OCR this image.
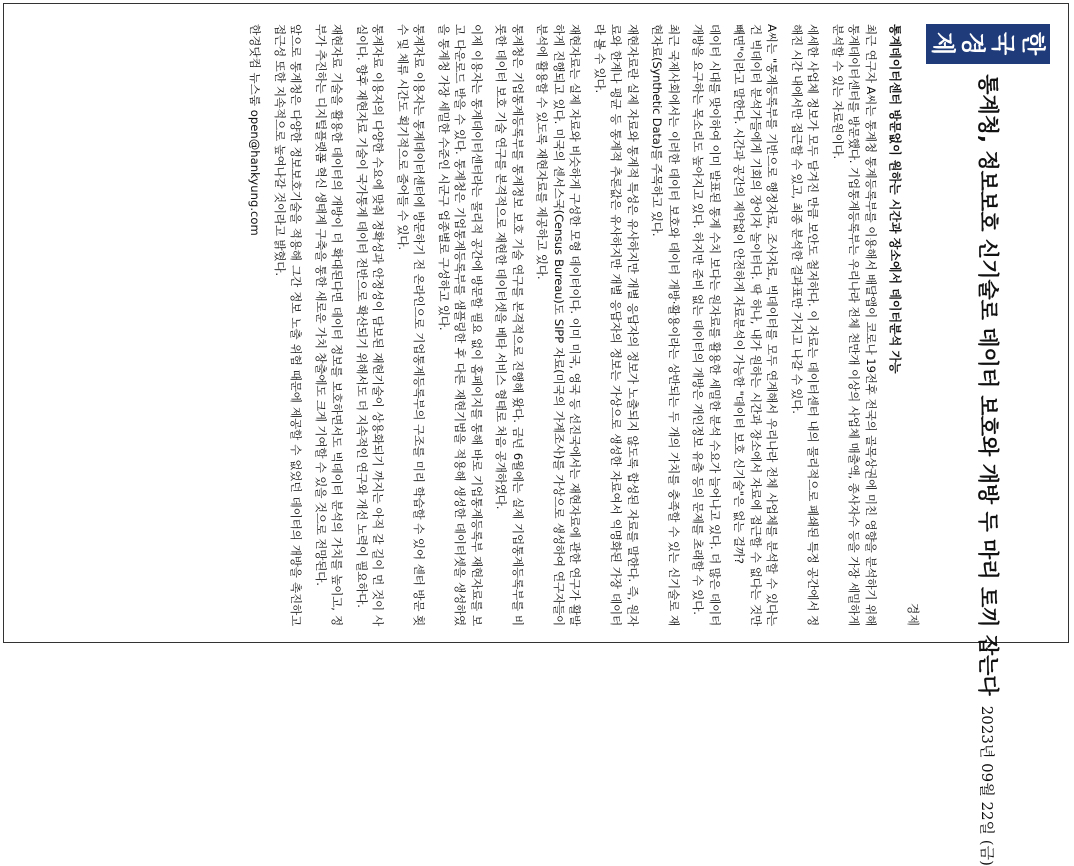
한국경제
통계청, 정보보호 신기술로 데이터 보호와 개방 두 마리 토끼 잡는다
2023년 09월 22일 (금)
경제
통계데이터센터 방문없이 원하는 시간과 장소에서 데이터분석 가능

최근 연구자 A씨는 통계청 통계등록부를 이용해서 배달앱이 코로나 19전후 전국의 골목상권에 미친 영향을 분석하기 위해 통계데이터센터를 방문했다. 기업통계등록부는 우리나라 전체 천만개 이상의 사업체 매출액, 종사자수 등을 가장 세밀하게 분석할 수 있는 자료원이다.

세세한 사업체 정보가 모두 담겨진 만큼 보안도 철저하다. 이 자료는 데이터센터 내의 물리적으로 폐쇄된 특정 공간에서 정해진 시간 내에서만 접근할 수 있고, 최종 분석한 결과표만 가지고 나갈 수 있다.

A씨는 "통계등록부를 기반으로 행정자료, 조사자료, 빅데이터를 모두 연계해서 우리나라 전체 사업체를 분석할 수 있다는 건 빅데이터 분석가들에게 기회의 장이자 놀이터다. 딱 하나, 내가 원하는 시간과 장소에서 자료에 접근할 수 없다는 것만 빼면"이라고 말한다. 시간과 공간의 제약없이 안전하게 자료분석이 가능한 "데이터 보호 신기술"은 없는 걸까?

데이터 시대를 맞이하여 이미 발표된 통계 수치 보다는 원자료를 활용한 세밀한 분석 수요가 늘어나고 있다. 더 많은 데이터 개방을 요구하는 목소리도 높아지고 있다. 하지만 준비 없는 데이터의 개방은 개인정보 유출 등의 문제를 초래할 수 있다.

최근 국제사회에서는 이러한 데이터 보호와 데이터 개방·활용이라는 상반되는 두 개의 가치를 충족할 수 있는 신기술로 재현자료(Synthetic Data)를 주목하고 있다.

재현자료란 실제 자료와 통계적 특성은 유사하지만 개별 응답자의 정보가 노출되지 않도록 합성된 자료를 말한다. 즉, 원자료와 한계나 평균 등 통계적 추론값은 유사하지만 개별 응답자의 정보는 가상으로 생성한 자료여서 익명화된 가장 데이터라 볼 수 있다.

재현자료는 실제 자료와 비슷하게 구성한 모형 데이터이다. 이미 미국, 영국 등 선진국에서는 재현자료에 관한 연구가 활발하게 진행되고 있다. 미국의 센서스국(Census Bureau)도 SIPP 자료(미국의 가계조사)를 가상으로 생성하여 연구자들이 분석에 활용할 수 있도록 재현자료를 제공하고 있다.

통계청은 기업통계등록부를 통계정보 보호 기술 연구를 본격적으로 진행해 왔다. 금년 6월에는 실제 기업통계등록부를 비롯한 데이터 보호 기술 연구를 본격적으로 재현한 데이터셋을 베타 서비스 형태로 처음 공개하였다.

이제 이용자는 통계데이터센터라는 물리적 공간에 방문할 필요 없이 홈페이지를 통해 바로 기업통계등록부 재현자료를 보고 다운로드 받을 수 있다. 통계청은 기업통계등록부를 샘플링한 후 다른 재현기법을 적용해 생성한 데이터셋을 생성하였을 통계청 가장 세밀한 수준인 시군구 업종별로 구성하고 있다.

통계자료 이용자는 통계데이터센터에 방문하기 전 온라인으로 기업통계등록부의 구조를 미리 학습할 수 있어 센터 방문 횟수 및 체류 시간도 획기적으로 줄어들 수 있다.

통계자료 이용자의 다양한 수요에 맞춰 정확성과 안정성이 담보된 재현기술이 상용화되기 까지는 아직 갈 길이 먼 것이 사실이다. 향후 재현자료 기술이 국가통계 데이터 전반으로 확산되기 위해서도 더 지속적인 연구와 개선 노력이 필요하다.

재현자료 기술을 활용한 데이터의 개방이 더 확대된다면 데이터 정보를 보호하면서도 빅데이터 분석의 가치를 높이고, 정부가 추진하는 디지털플랫폼 혁신 생태계 구축을 통한 새로운 가치 창출에도 크게 기여할 수 있을 것으로 전망된다.

앞으로 통계청은 다양한 정보보호기술을 적용해 그간 정보 노출 위험 때문에 제공할 수 없었던 데이터의 개방을 촉진하고 접근성 또한 지속적으로 높여나갈 것이라고 밝혔다.

한경닷컴 뉴스룸 open@hankyung.com
